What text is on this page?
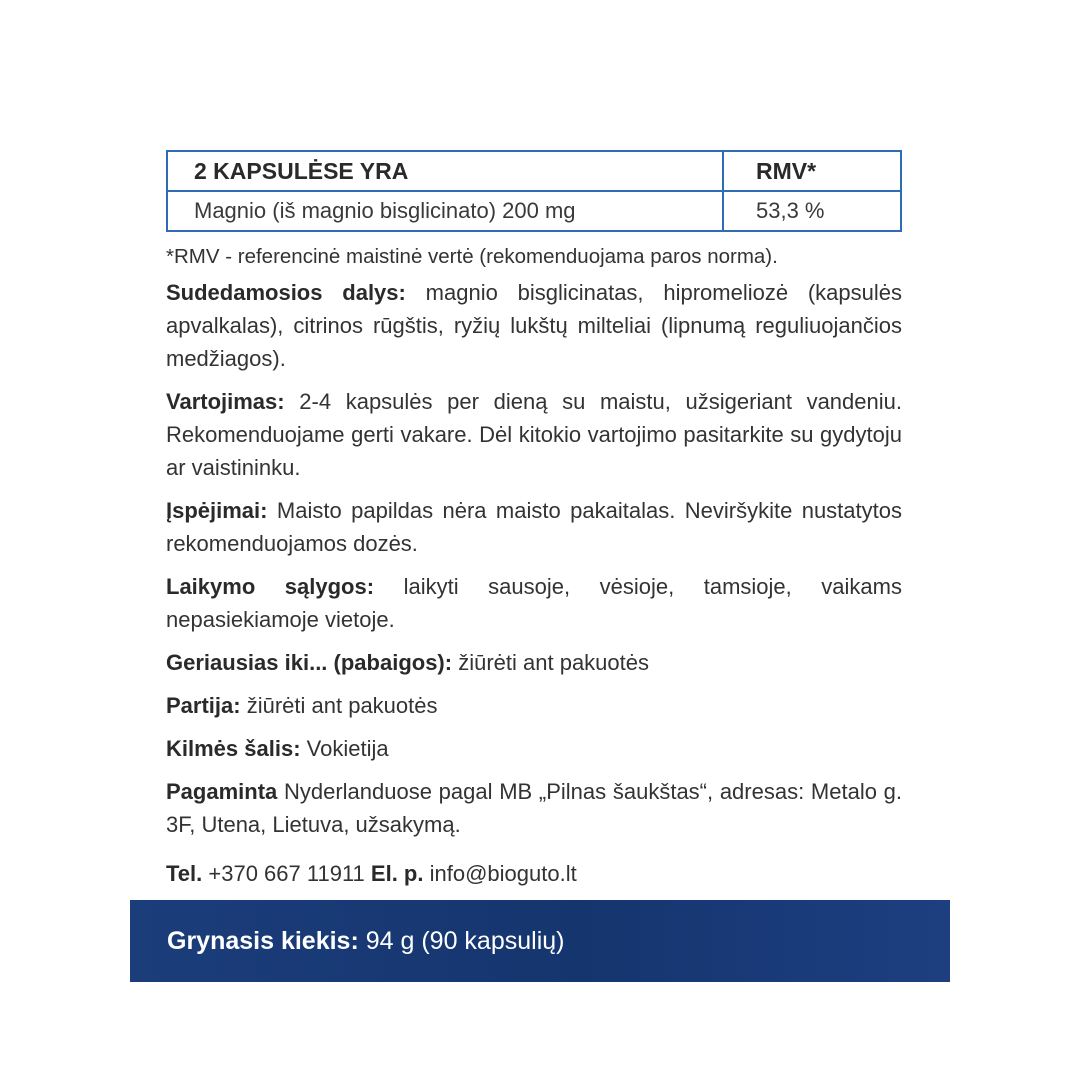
2 KAPSULĖSE YRA	RMV*
Magnio (iš magnio bisglicinato) 200 mg	53,3 %
*RMV - referencinė maistinė vertė (rekomenduojama paros norma).
Sudedamosios dalys: magnio bisglicinatas, hipromeliozė (kapsulės apvalkalas), citrinos rūgštis, ryžių lukštų milteliai (lipnumą reguliuojančios medžiagos).
Vartojimas: 2-4 kapsulės per dieną su maistu, užsigeriant vandeniu. Rekomenduojame gerti vakare. Dėl kitokio vartojimo pasitarkite su gydytoju ar vaistininku.
Įspėjimai: Maisto papildas nėra maisto pakaitalas. Neviršykite nustatytos rekomenduojamos dozės.
Laikymo sąlygos: laikyti sausoje, vėsioje, tamsioje, vaikams nepasiekiamoje vietoje.
Geriausias iki... (pabaigos): žiūrėti ant pakuotės
Partija: žiūrėti ant pakuotės
Kilmės šalis: Vokietija
Pagaminta Nyderlanduose pagal MB „Pilnas šaukštas“, adresas: Metalo g. 3F, Utena, Lietuva, užsakymą.
Tel. +370 667 11911 El. p. info@bioguto.lt
Grynasis kiekis:
94 g (90 kapsulių)
